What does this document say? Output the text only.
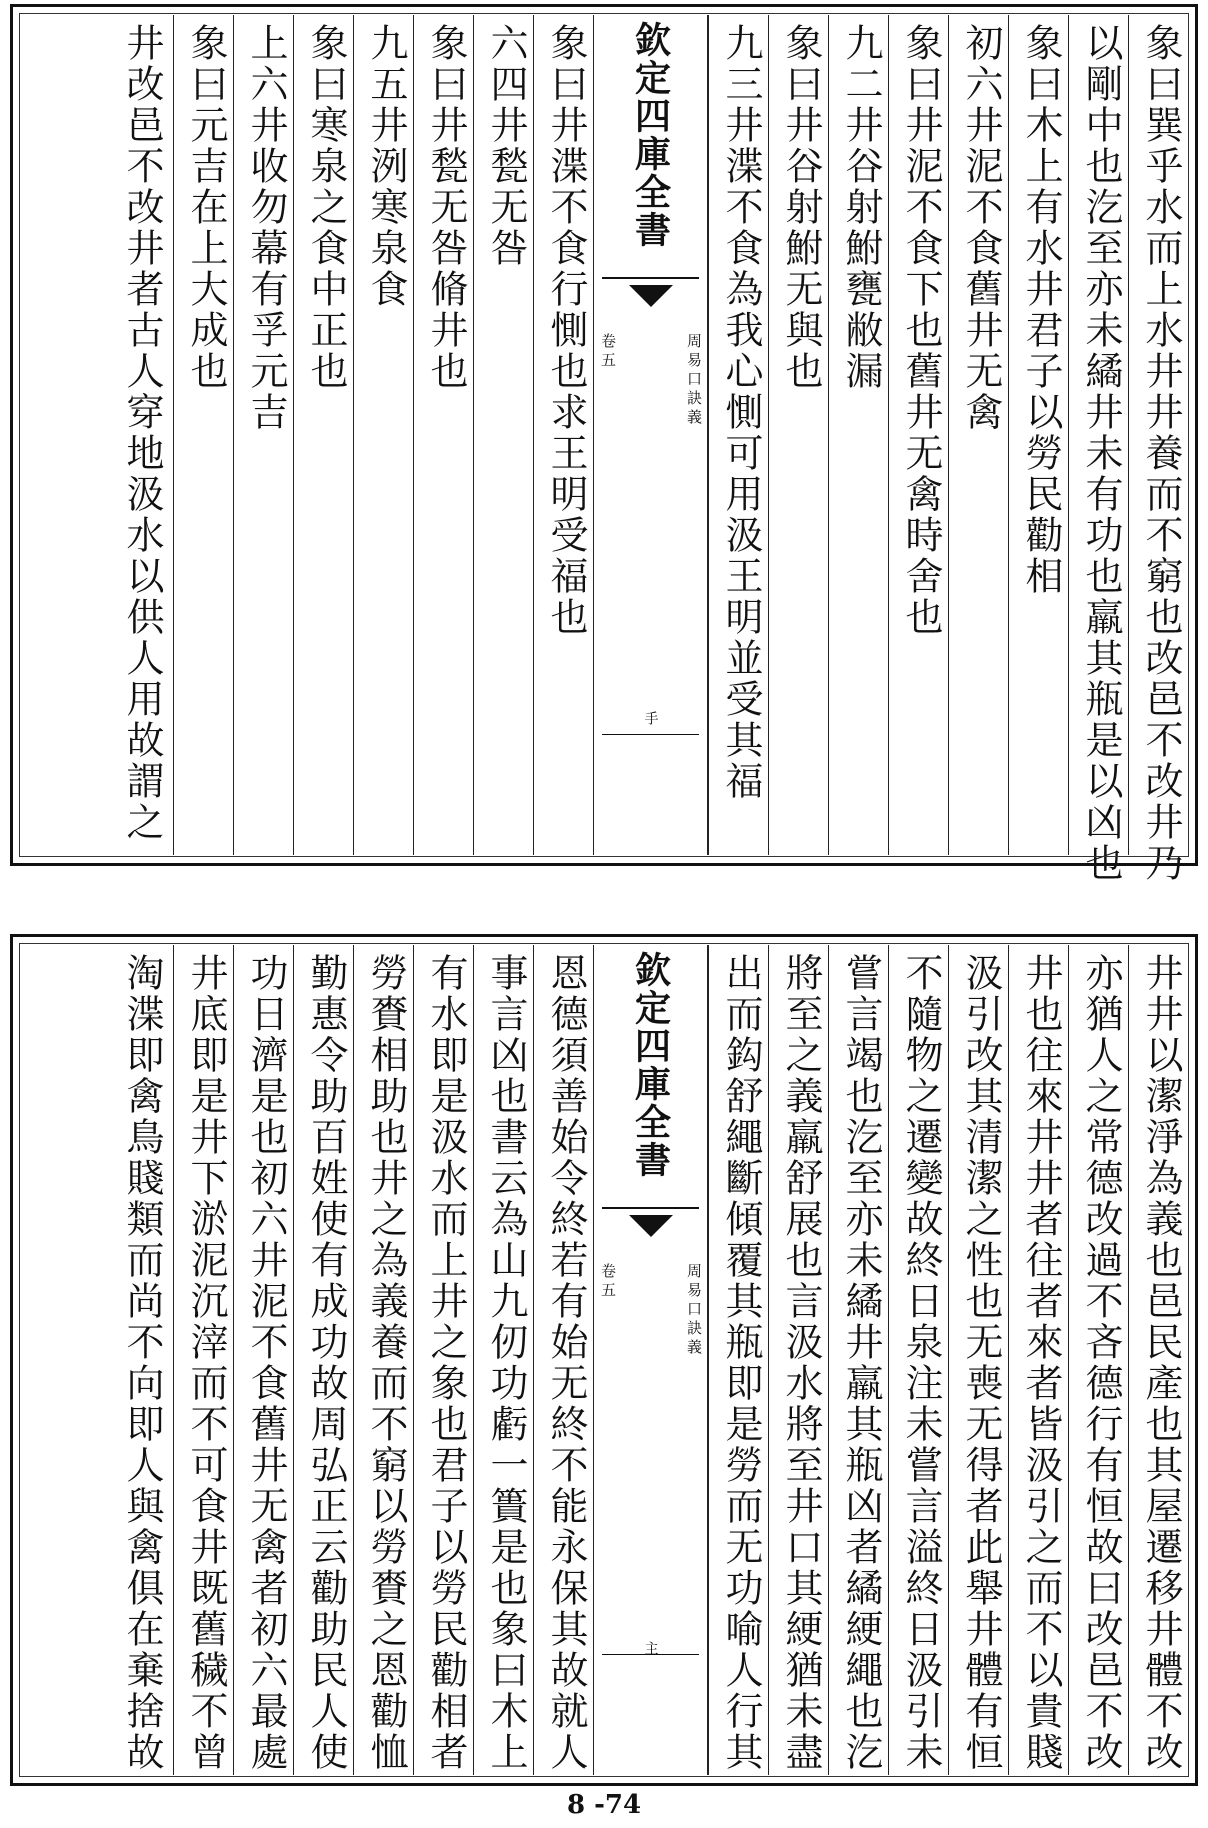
象曰巽乎水而上水井井養而不窮也改邑不改井乃
以剛中也汔至亦未繘井未有功也羸其瓶是以凶也
象曰木上有水井君子以勞民勸相
初六井泥不食舊井无禽
象曰井泥不食下也舊井无禽時舍也
九二井谷射鮒甕敝漏
象曰井谷射鮒无與也
九三井渫不食為我心惻可用汲王明並受其福
欽定四庫全書
周易口訣義
卷五
手
象曰井渫不食行惻也求王明受福也
六四井甃无咎
象曰井甃无咎脩井也
九五井洌寒泉食
象曰寒泉之食中正也
上六井收勿幕有孚元吉
象曰元吉在上大成也
井改邑不改井者古人穿地汲水以供人用故謂之
井井以潔淨為義也邑民產也其屋遷移井體不改
亦猶人之常德改過不吝德行有恒故曰改邑不改
井也往來井井者往者來者皆汲引之而不以貴賤
汲引改其清潔之性也无喪无得者此舉井體有恒
不隨物之遷變故終日泉注未嘗言溢終日汲引未
嘗言竭也汔至亦未繘井羸其瓶凶者繘綆繩也汔
將至之義羸舒展也言汲水將至井口其綆猶未盡
出而鈎舒繩斷傾覆其瓶即是勞而无功喻人行其
欽定四庫全書
周易口訣義
卷五
主
恩德須善始令終若有始无終不能永保其故就人
事言凶也書云為山九仞功虧一簣是也象曰木上
有水即是汲水而上井之象也君子以勞民勸相者
勞賚相助也井之為義養而不窮以勞賚之恩勸恤
勤惠令助百姓使有成功故周弘正云勸助民人使
功日濟是也初六井泥不食舊井无禽者初六最處
井底即是井下淤泥沉滓而不可食井既舊穢不曾
淘渫即禽鳥賤類而尚不向即人與禽俱在棄捨故
8 -74
